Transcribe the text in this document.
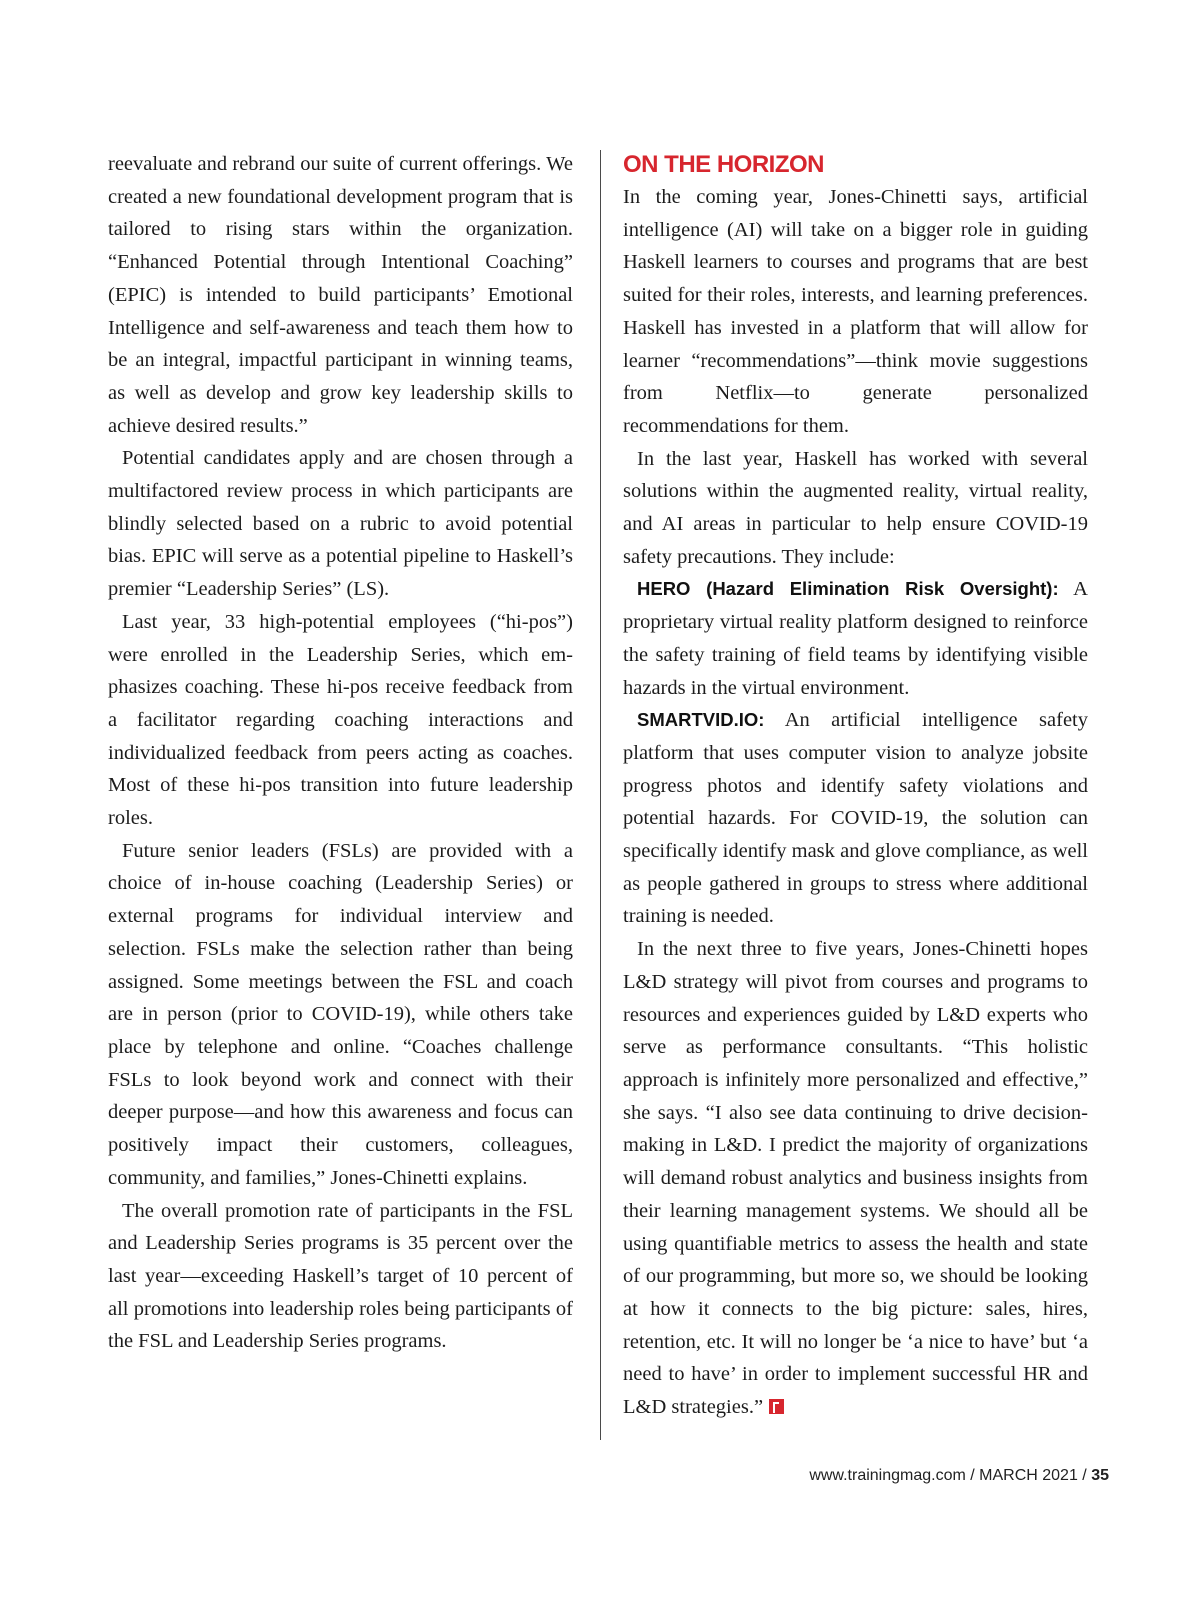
reevaluate and rebrand our suite of current offerings. We created a new foundational development program that is tailored to rising stars within the organization. “Enhanced Potential through Intentional Coaching” (EPIC) is intended to build participants’ Emotional Intelligence and self-awareness and teach them how to be an integral, impactful participant in winning teams, as well as develop and grow key leadership skills to achieve desired results.”

Potential candidates apply and are chosen through a multifactored review process in which participants are blindly selected based on a rubric to avoid potential bias. EPIC will serve as a potential pipeline to Haskell’s premier “Leadership Series” (LS).

Last year, 33 high-potential employees (“hi-pos”) were enrolled in the Leadership Series, which emphasizes coaching. These hi-pos receive feedback from a facilitator regarding coaching interactions and individualized feedback from peers acting as coaches. Most of these hi-pos transition into future leadership roles.

Future senior leaders (FSLs) are provided with a choice of in-house coaching (Leadership Series) or external programs for individual interview and selection. FSLs make the selection rather than being assigned. Some meetings between the FSL and coach are in person (prior to COVID-19), while others take place by telephone and online. “Coaches challenge FSLs to look beyond work and connect with their deeper purpose—and how this awareness and focus can positively impact their customers, colleagues, community, and families,” Jones-Chinetti explains.

The overall promotion rate of participants in the FSL and Leadership Series programs is 35 percent over the last year—exceeding Haskell’s target of 10 percent of all promotions into leadership roles being participants of the FSL and Leadership Series programs.

ON THE HORIZON

In the coming year, Jones-Chinetti says, artificial intelligence (AI) will take on a bigger role in guiding Haskell learners to courses and programs that are best suited for their roles, interests, and learning preferences. Haskell has invested in a platform that will allow for learner “recommendations”—think movie suggestions from Netflix—to generate personalized recommendations for them.

In the last year, Haskell has worked with several solutions within the augmented reality, virtual reality, and AI areas in particular to help ensure COVID-19 safety precautions. They include:

HERO (Hazard Elimination Risk Oversight): A proprietary virtual reality platform designed to reinforce the safety training of field teams by identifying visible hazards in the virtual environment.

SMARTVID.IO: An artificial intelligence safety platform that uses computer vision to analyze jobsite progress photos and identify safety violations and potential hazards. For COVID-19, the solution can specifically identify mask and glove compliance, as well as people gathered in groups to stress where additional training is needed.

In the next three to five years, Jones-Chinetti hopes L&D strategy will pivot from courses and programs to resources and experiences guided by L&D experts who serve as performance consultants. “This holistic approach is infinitely more personalized and effective,” she says. “I also see data continuing to drive decision-making in L&D. I predict the majority of organizations will demand robust analytics and business insights from their learning management systems. We should all be using quantifiable metrics to assess the health and state of our programming, but more so, we should be looking at how it connects to the big picture: sales, hires, retention, etc. It will no longer be ‘a nice to have’ but ‘a need to have’ in order to implement successful HR and L&D strategies.”

www.trainingmag.com / MARCH 2021 / 35
